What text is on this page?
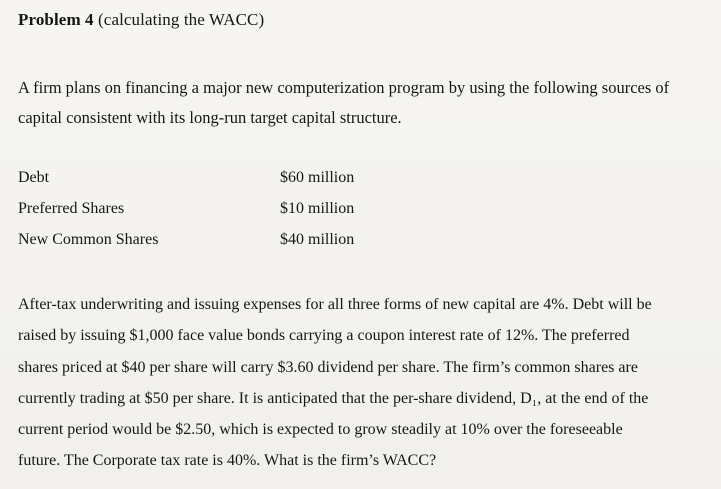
Problem 4 (calculating the WACC)
A firm plans on financing a major new computerization program by using the following sources of
capital consistent with its long-run target capital structure.
Debt	$60 million
Preferred Shares	$10 million
New Common Shares	$40 million
After-tax underwriting and issuing expenses for all three forms of new capital are 4%. Debt will be
raised by issuing $1,000 face value bonds carrying a coupon interest rate of 12%. The preferred
shares priced at $40 per share will carry $3.60 dividend per share. The firm’s common shares are
currently trading at $50 per share. It is anticipated that the per-share dividend, D₁, at the end of the
current period would be $2.50, which is expected to grow steadily at 10% over the foreseeable
future. The Corporate tax rate is 40%. What is the firm’s WACC?
